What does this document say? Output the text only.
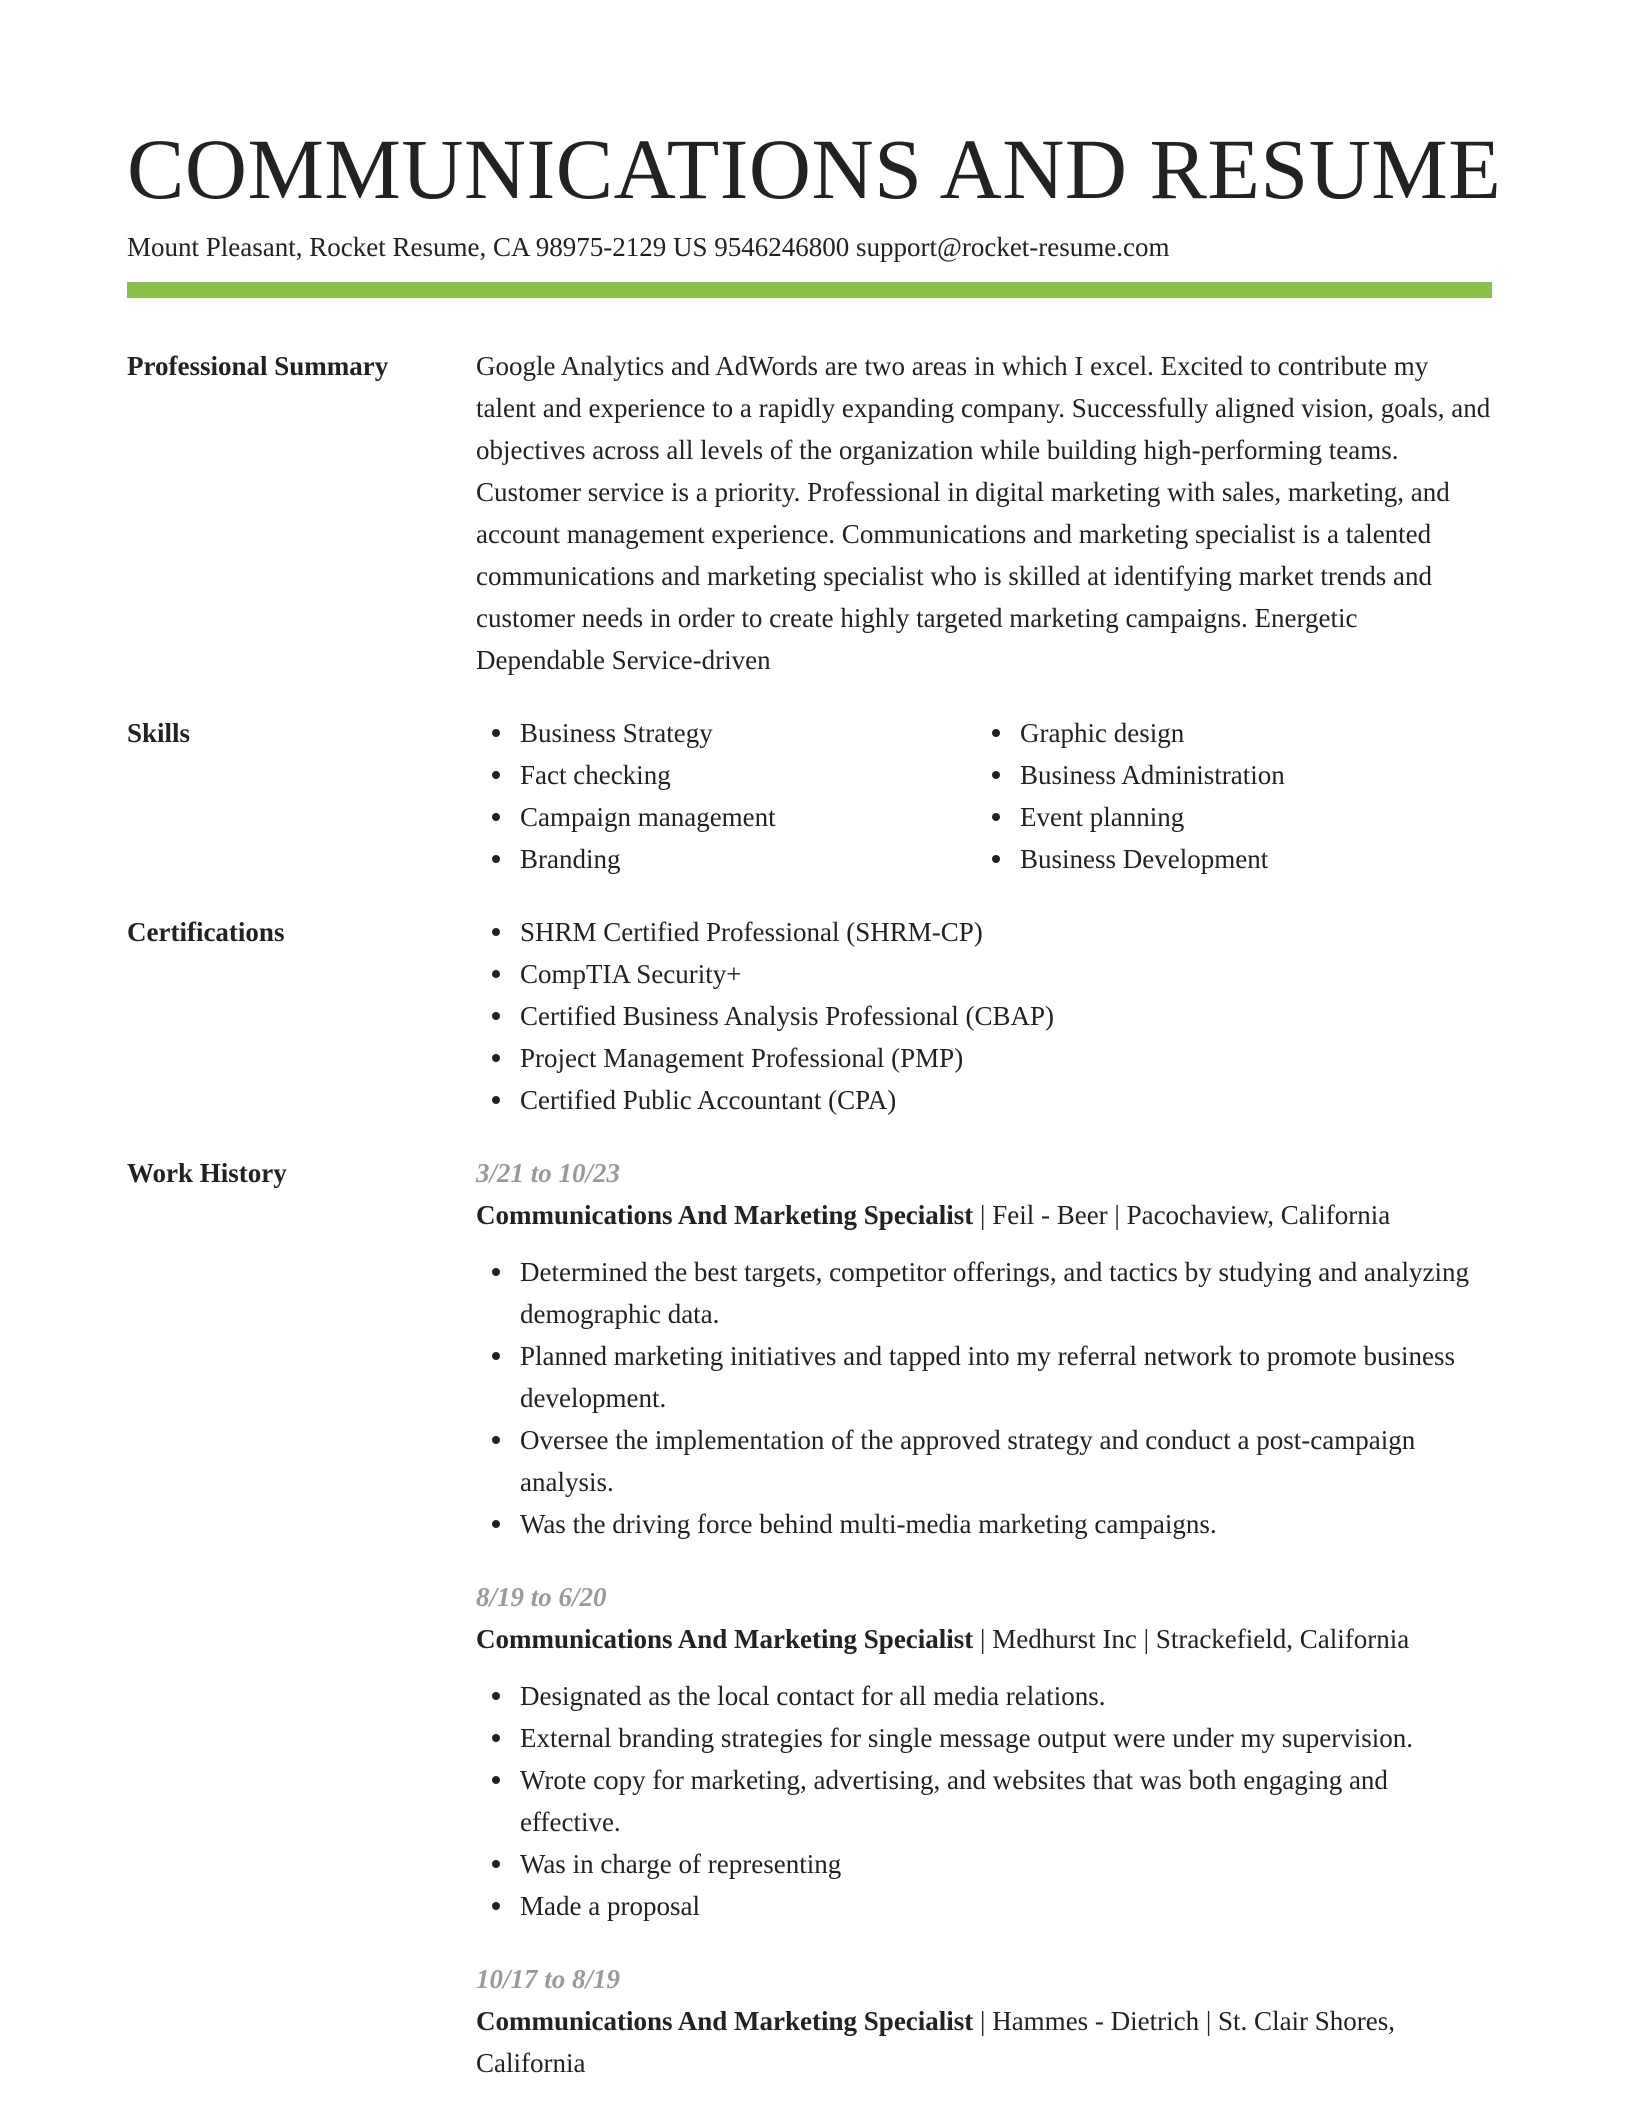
COMMUNICATIONS AND RESUME
Mount Pleasant, Rocket Resume, CA 98975-2129 US 9546246800 support@rocket-resume.com
Professional Summary	Google Analytics and AdWords are two areas in which I excel. Excited to contribute my talent and experience to a rapidly expanding company. Successfully aligned vision, goals, and objectives across all levels of the organization while building high-performing teams. Customer service is a priority. Professional in digital marketing with sales, marketing, and account management experience. Communications and marketing specialist is a talented communications and marketing specialist who is skilled at identifying market trends and customer needs in order to create highly targeted marketing campaigns. Energetic Dependable Service-driven
Skills	Business Strategy
Fact checking
Campaign management
Branding
Graphic design
Business Administration
Event planning
Business Development
Certifications	SHRM Certified Professional (SHRM-CP)
CompTIA Security+
Certified Business Analysis Professional (CBAP)
Project Management Professional (PMP)
Certified Public Accountant (CPA)
Work History	3/21 to 10/23
Communications And Marketing Specialist | Feil - Beer | Pacochaview, California
Determined the best targets, competitor offerings, and tactics by studying and analyzing demographic data.
Planned marketing initiatives and tapped into my referral network to promote business development.
Oversee the implementation of the approved strategy and conduct a post-campaign analysis.
Was the driving force behind multi-media marketing campaigns.
8/19 to 6/20
Communications And Marketing Specialist | Medhurst Inc | Strackefield, California
Designated as the local contact for all media relations.
External branding strategies for single message output were under my supervision.
Wrote copy for marketing, advertising, and websites that was both engaging and effective.
Was in charge of representing
Made a proposal
10/17 to 8/19
Communications And Marketing Specialist | Hammes - Dietrich | St. Clair Shores, California
